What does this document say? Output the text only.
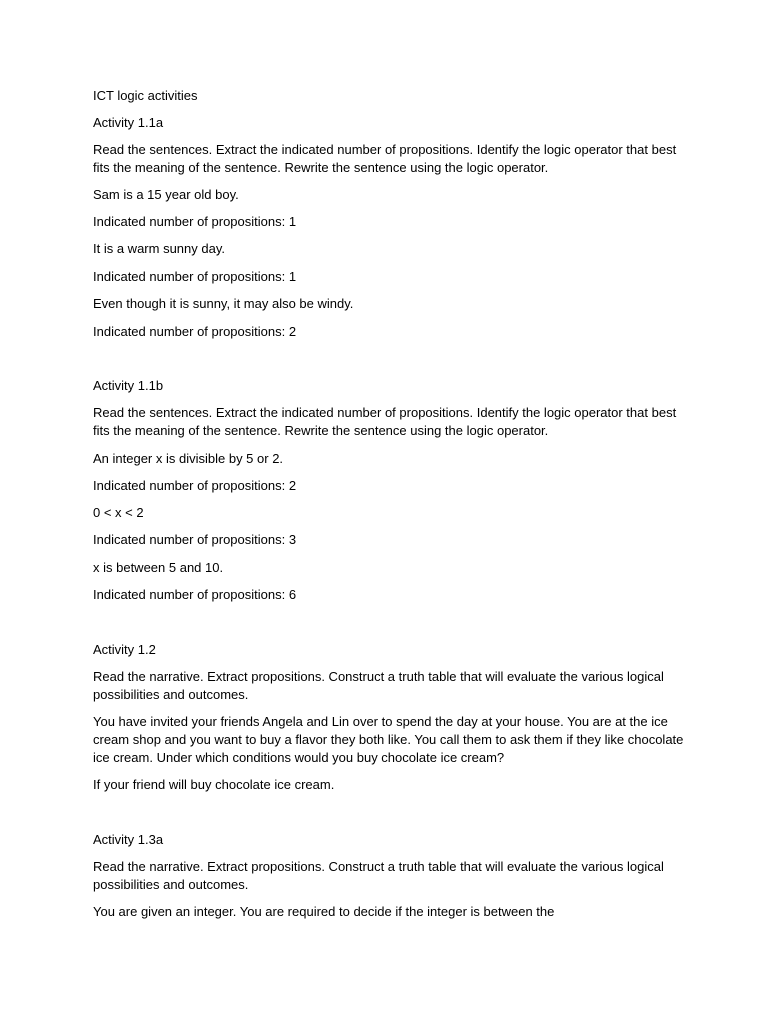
ICT logic activities

Activity 1.1a

Read the sentences. Extract the indicated number of propositions. Identify the logic operator that best fits the meaning of the sentence. Rewrite the sentence using the logic operator.

Sam is a 15 year old boy.

Indicated number of propositions: 1

It is a warm sunny day.

Indicated number of propositions: 1

Even though it is sunny, it may also be windy.

Indicated number of propositions: 2

Activity 1.1b

Read the sentences. Extract the indicated number of propositions. Identify the logic operator that best fits the meaning of the sentence. Rewrite the sentence using the logic operator.

An integer x is divisible by 5 or 2.

Indicated number of propositions: 2

0 < x < 2

Indicated number of propositions: 3

x is between 5 and 10.

Indicated number of propositions: 6

Activity 1.2

Read the narrative. Extract propositions. Construct a truth table that will evaluate the various logical possibilities and outcomes.

You have invited your friends Angela and Lin over to spend the day at your house. You are at the ice cream shop and you want to buy a flavor they both like. You call them to ask them if they like chocolate ice cream. Under which conditions would you buy chocolate ice cream?

If your friend will buy chocolate ice cream.

Activity 1.3a

Read the narrative. Extract propositions. Construct a truth table that will evaluate the various logical possibilities and outcomes.

You are given an integer. You are required to decide if the integer is between the
